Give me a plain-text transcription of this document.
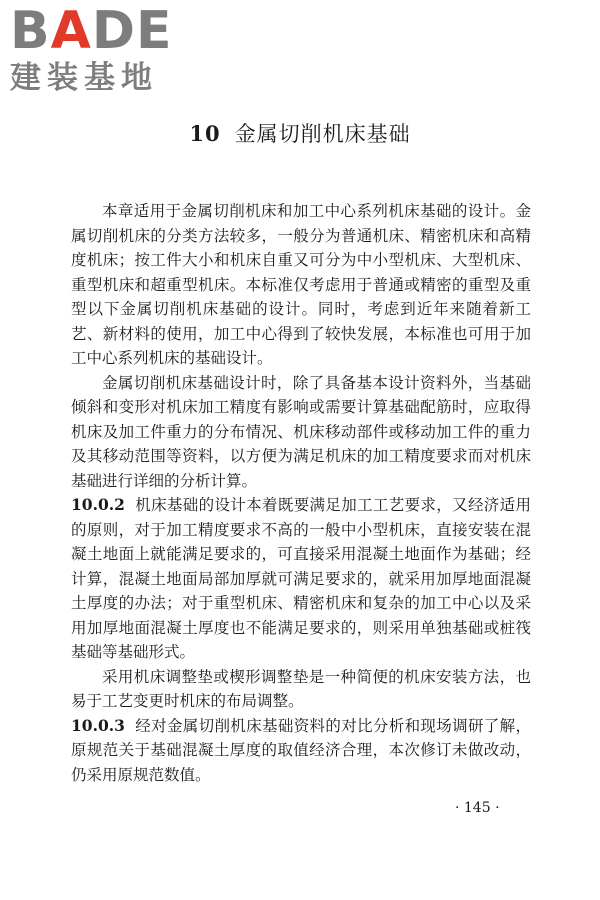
B A DE
建装基地
10 金属切削机床基础

本章适用于金属切削机床和加工中心系列机床基础的设计。金属切削机床的分类方法较多，一般分为普通机床、精密机床和高精度机床；按工件大小和机床自重又可分为中小型机床、大型机床、重型机床和超重型机床。本标准仅考虑用于普通或精密的重型及重型以下金属切削机床基础的设计。同时，考虑到近年来随着新工艺、新材料的使用，加工中心得到了较快发展，本标准也可用于加工中心系列机床的基础设计。

金属切削机床基础设计时，除了具备基本设计资料外，当基础倾斜和变形对机床加工精度有影响或需要计算基础配筋时，应取得机床及加工件重力的分布情况、机床移动部件或移动加工件的重力及其移动范围等资料，以方便为满足机床的加工精度要求而对机床基础进行详细的分析计算。

10.0.2 机床基础的设计本着既要满足加工工艺要求，又经济适用的原则，对于加工精度要求不高的一般中小型机床，直接安装在混凝土地面上就能满足要求的，可直接采用混凝土地面作为基础；经计算，混凝土地面局部加厚就可满足要求的，就采用加厚地面混凝土厚度的办法；对于重型机床、精密机床和复杂的加工中心以及采用加厚地面混凝土厚度也不能满足要求的，则采用单独基础或桩筏基础等基础形式。

采用机床调整垫或楔形调整垫是一种简便的机床安装方法，也易于工艺变更时机床的布局调整。

10.0.3 经对金属切削机床基础资料的对比分析和现场调研了解，原规范关于基础混凝土厚度的取值经济合理，本次修订未做改动，仍采用原规范数值。

· 145 ·
